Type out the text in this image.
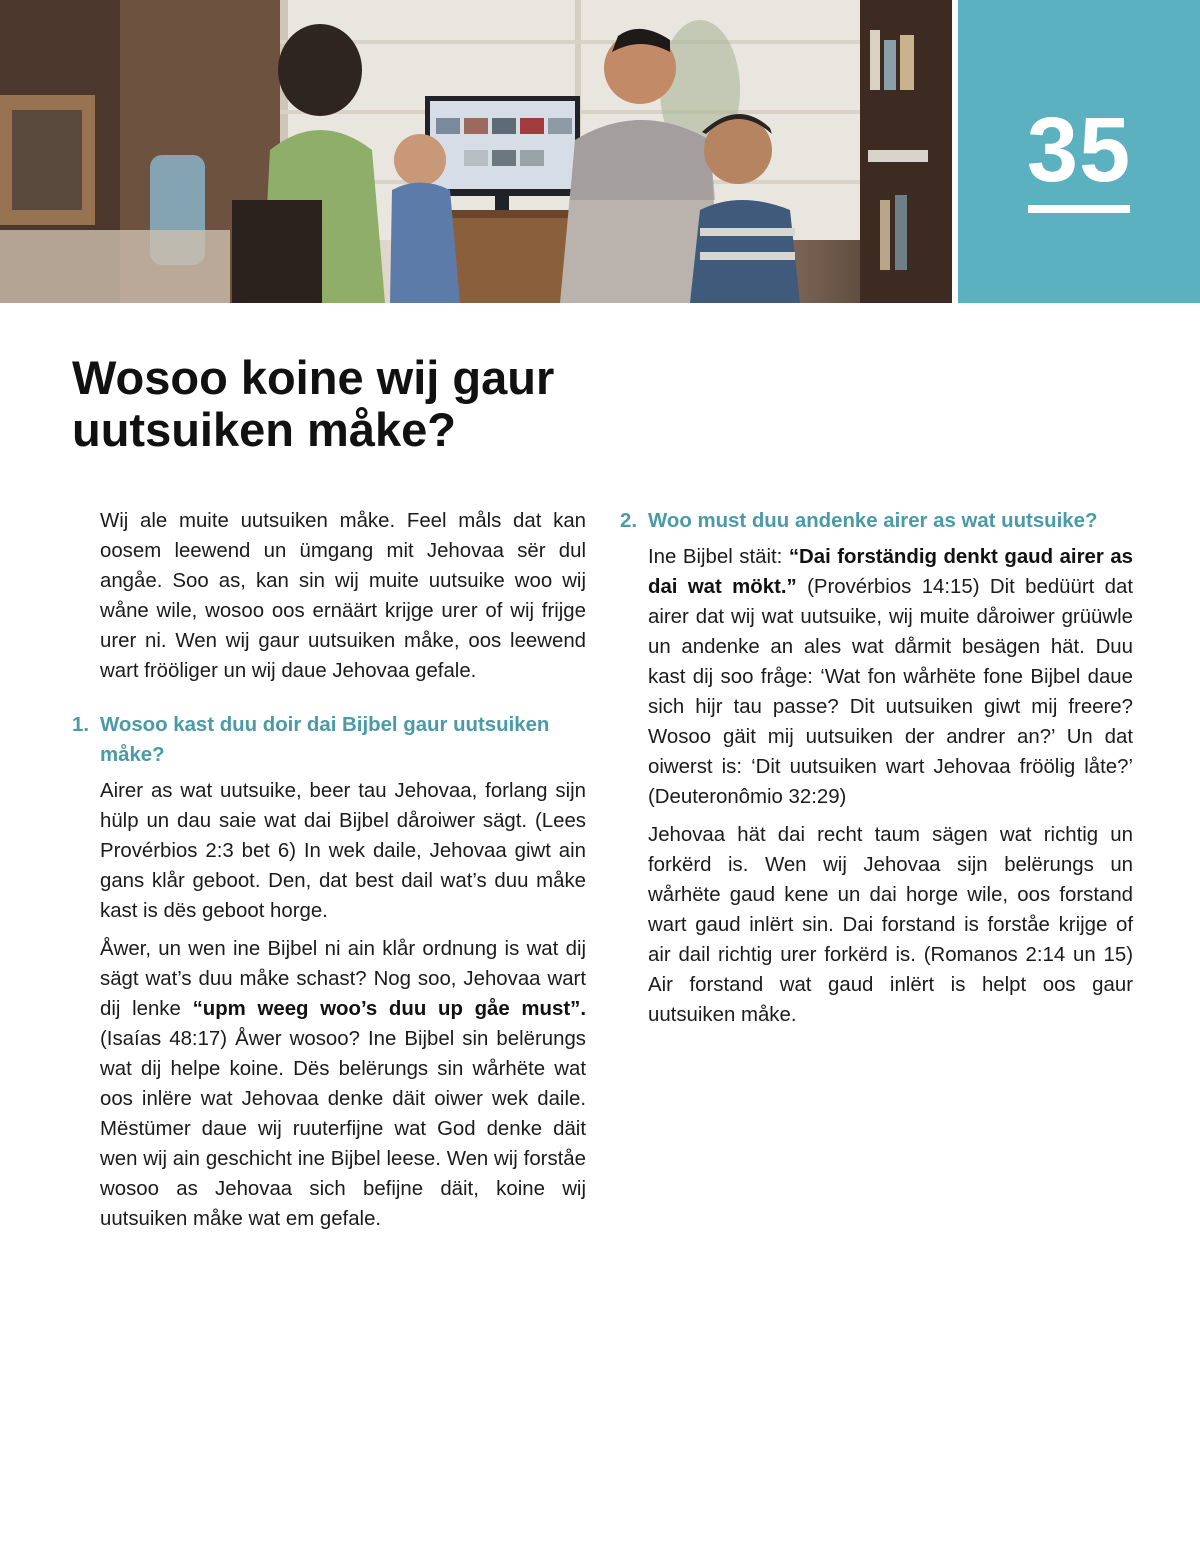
35
Wosoo koine wij gaur uutsuiken måke?

Wij ale muite uutsuiken måke. Feel måls dat kan oosem leewend un ümgang mit Jehovaa sër dul angåe. Soo as, kan sin wij muite uutsuike woo wij wåne wile, wosoo oos ernäärt krijge urer of wij frijge urer ni. Wen wij gaur uutsuiken måke, oos leewend wart frööliger un wij daue Jehovaa gefale.

1. Wosoo kast duu doir dai Bijbel gaur uutsuiken måke?

Airer as wat uutsuike, beer tau Jehovaa, forlang sijn hülp un dau saie wat dai Bijbel dåroiwer sägt. (Lees Provérbios 2:3 bet 6) In wek daile, Jehovaa giwt ain gans klår geboot. Den, dat best dail wat’s duu måke kast is dës geboot horge.

Åwer, un wen ine Bijbel ni ain klår ordnung is wat dij sägt wat’s duu måke schast? Nog soo, Jehovaa wart dij lenke “upm weeg woo’s duu up gåe must”. (Isaías 48:17) Åwer wosoo? Ine Bijbel sin belërungs wat dij helpe koine. Dës belërungs sin wårhëte wat oos inlëre wat Jehovaa denke däit oiwer wek daile. Mëstümer daue wij ruuterfijne wat God denke däit wen wij ain geschicht ine Bijbel leese. Wen wij forståe wosoo as Jehovaa sich befijne däit, koine wij uutsuiken måke wat em gefale.

2. Woo must duu andenke airer as wat uutsuike?

Ine Bijbel stäit: “Dai forständig denkt gaud airer as dai wat mökt.” (Provérbios 14:15) Dit bedüürt dat airer dat wij wat uutsuike, wij muite dåroiwer grüüwle un andenke an ales wat dårmit besägen hät. Duu kast dij soo fråge: ‘Wat fon wårhëte fone Bijbel daue sich hijr tau passe? Dit uutsuiken giwt mij freere? Wosoo gäit mij uutsuiken der andrer an?’ Un dat oiwerst is: ‘Dit uutsuiken wart Jehovaa fröölig låte?’ (Deuteronômio 32:29)

Jehovaa hät dai recht taum sägen wat richtig un forkërd is. Wen wij Jehovaa sijn belërungs un wårhëte gaud kene un dai horge wile, oos forstand wart gaud inlërt sin. Dai forstand is forståe krijge of air dail richtig urer forkërd is. (Romanos 2:14 un 15) Air forstand wat gaud inlërt is helpt oos gaur uutsuiken måke.
